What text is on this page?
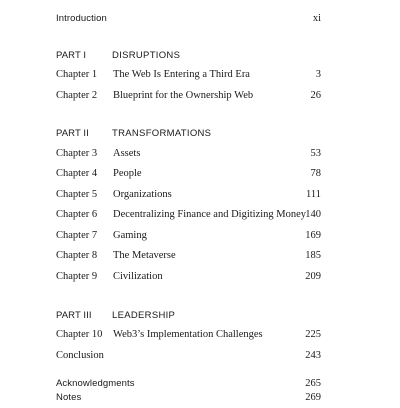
Introduction	xi
PART I	DISRUPTIONS
Chapter 1 The Web Is Entering a Third Era	3
Chapter 2 Blueprint for the Ownership Web	26
PART II TRANSFORMATIONS
Chapter 3 Assets	53
Chapter 4 People	78
Chapter 5 Organizations	111
Chapter 6 Decentralizing Finance and Digitizing Money 140
Chapter 7 Gaming	169
Chapter 8 The Metaverse	185
Chapter 9 Civilization	209
PART III LEADERSHIP
Chapter 10 Web3’s Implementation Challenges	225
Conclusion	243
Acknowledgments	265
Notes	269
